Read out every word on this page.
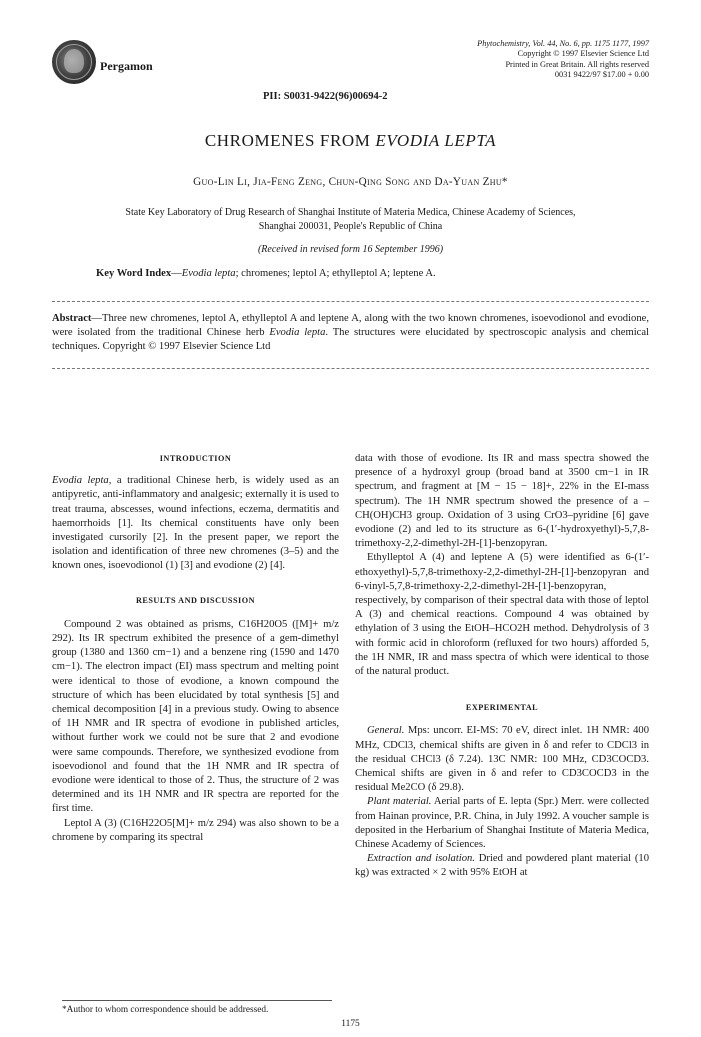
Pergamon
Phytochemistry, Vol. 44, No. 6, pp. 1175 1177, 1997
Copyright © 1997 Elsevier Science Ltd
Printed in Great Britain. All rights reserved
0031 9422/97 $17.00 + 0.00
PII: S0031-9422(96)00694-2
CHROMENES FROM EVODIA LEPTA
Guo-Lin Li, Jia-Feng Zeng, Chun-Qing Song and Da-Yuan Zhu*
State Key Laboratory of Drug Research of Shanghai Institute of Materia Medica, Chinese Academy of Sciences,
Shanghai 200031, People's Republic of China
(Received in revised form 16 September 1996)
Key Word Index—Evodia lepta; chromenes; leptol A; ethylleptol A; leptene A.
Abstract—Three new chromenes, leptol A, ethylleptol A and leptene A, along with the two known chromenes, isoevodionol and evodione, were isolated from the traditional Chinese herb Evodia lepta. The structures were elucidated by spectroscopic analysis and chemical techniques. Copyright © 1997 Elsevier Science Ltd
INTRODUCTION

Evodia lepta, a traditional Chinese herb, is widely used as an antipyretic, anti-inflammatory and analgesic; externally it is used to treat trauma, abscesses, wound infections, eczema, dermatitis and haemorrhoids [1]. Its chemical constituents have only been investigated cursorily [2]. In the present paper, we report the isolation and identification of three new chromenes (3–5) and the known ones, isoevodionol (1) [3] and evodione (2) [4].

RESULTS AND DISCUSSION

Compound 2 was obtained as prisms, C16H20O5 ([M]+ m/z 292). Its IR spectrum exhibited the presence of a gem-dimethyl group (1380 and 1360 cm−1) and a benzene ring (1590 and 1470 cm−1). The electron impact (EI) mass spectrum and melting point were identical to those of evodione, a known compound the structure of which has been elucidated by total synthesis [5] and chemical decomposition [4] in a previous study. Owing to absence of 1H NMR and IR spectra of evodione in published articles, without further work we could not be sure that 2 and evodione were same compounds. Therefore, we synthesized evodione from isoevodionol and found that the 1H NMR and IR spectra of evodione were identical to those of 2. Thus, the structure of 2 was determined and its 1H NMR and IR spectra are reported for the first time.

Leptol A (3) (C16H22O5[M]+ m/z 294) was also shown to be a chromene by comparing its spectral

data with those of evodione. Its IR and mass spectra showed the presence of a hydroxyl group (broad band at 3500 cm−1 in IR spectrum, and fragment at [M − 15 − 18]+, 22% in the EI-mass spectrum). The 1H NMR spectrum showed the presence of a –CH(OH)CH3 group. Oxidation of 3 using CrO3–pyridine [6] gave evodione (2) and led to its structure as 6-(1′-hydroxyethyl)-5,7,8-trimethoxy-2,2-dimethyl-2H-[1]-benzopyran.

Ethylleptol A (4) and leptene A (5) were identified as 6-(1′-ethoxyethyl)-5,7,8-trimethoxy-2,2-dimethyl-2H-[1]-benzopyran and 6-vinyl-5,7,8-trimethoxy-2,2-dimethyl-2H-[1]-benzopyran, respectively, by comparison of their spectral data with those of leptol A (3) and chemical reactions. Compound 4 was obtained by ethylation of 3 using the EtOH–HCO2H method. Dehydrolysis of 3 with formic acid in chloroform (refluxed for two hours) afforded 5, the 1H NMR, IR and mass spectra of which were identical to those of the natural product.

EXPERIMENTAL

General. Mps: uncorr. EI-MS: 70 eV, direct inlet. 1H NMR: 400 MHz, CDCl3, chemical shifts are given in δ and refer to CDCl3 in the residual CHCl3 (δ 7.24). 13C NMR: 100 MHz, CD3COCD3. Chemical shifts are given in δ and refer to CD3COCD3 in the residual Me2CO (δ 29.8).

Plant material. Aerial parts of E. lepta (Spr.) Merr. were collected from Hainan province, P.R. China, in July 1992. A voucher sample is deposited in the Herbarium of Shanghai Institute of Materia Medica, Chinese Academy of Sciences.

Extraction and isolation. Dried and powdered plant material (10 kg) was extracted × 2 with 95% EtOH at

*Author to whom correspondence should be addressed.
1175
